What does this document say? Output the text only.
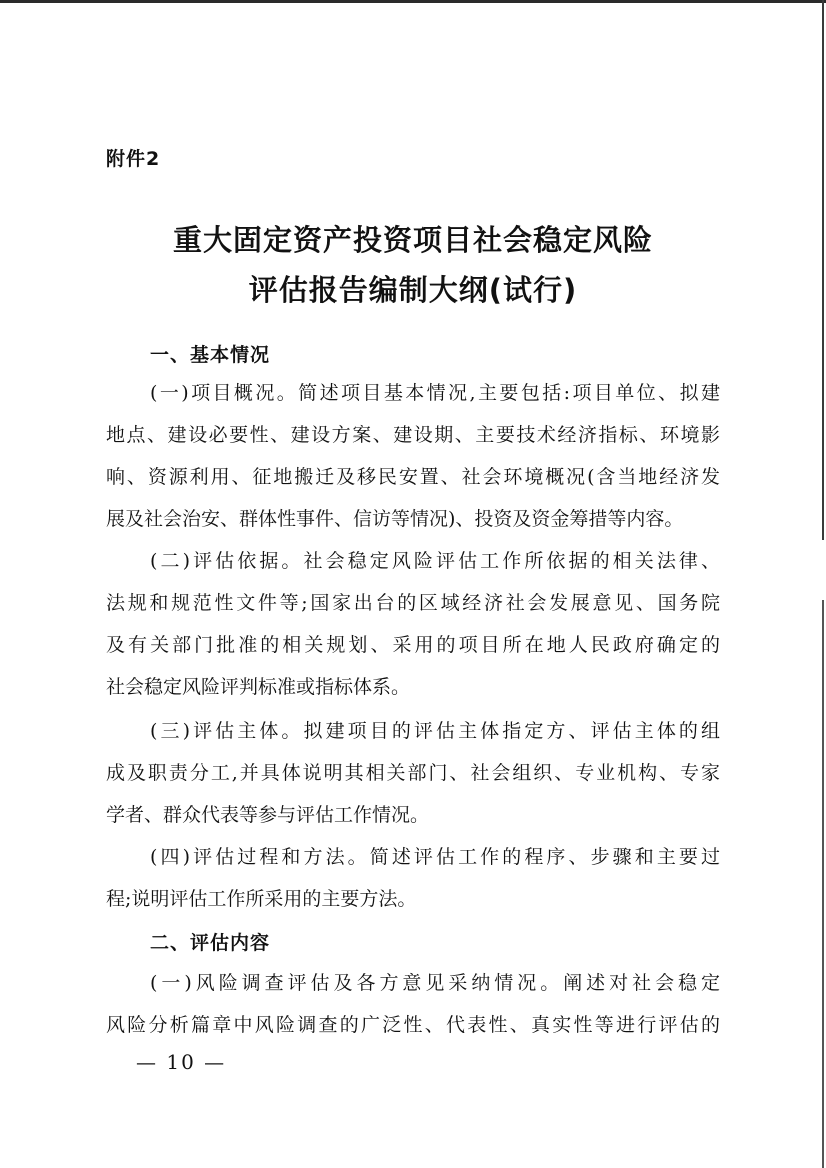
附件2
重大固定资产投资项目社会稳定风险
评估报告编制大纲(试行)
一、基本情况
(一)项目概况。简述项目基本情况,主要包括:项目单位、拟建
地点、建设必要性、建设方案、建设期、主要技术经济指标、环境影
响、资源利用、征地搬迁及移民安置、社会环境概况(含当地经济发
展及社会治安、群体性事件、信访等情况)、投资及资金筹措等内容。
(二)评估依据。社会稳定风险评估工作所依据的相关法律、
法规和规范性文件等;国家出台的区域经济社会发展意见、国务院
及有关部门批准的相关规划、采用的项目所在地人民政府确定的
社会稳定风险评判标准或指标体系。
(三)评估主体。拟建项目的评估主体指定方、评估主体的组
成及职责分工,并具体说明其相关部门、社会组织、专业机构、专家
学者、群众代表等参与评估工作情况。
(四)评估过程和方法。简述评估工作的程序、步骤和主要过
程;说明评估工作所采用的主要方法。
二、评估内容
(一)风险调查评估及各方意见采纳情况。阐述对社会稳定
风险分析篇章中风险调查的广泛性、代表性、真实性等进行评估的
— 10 —
